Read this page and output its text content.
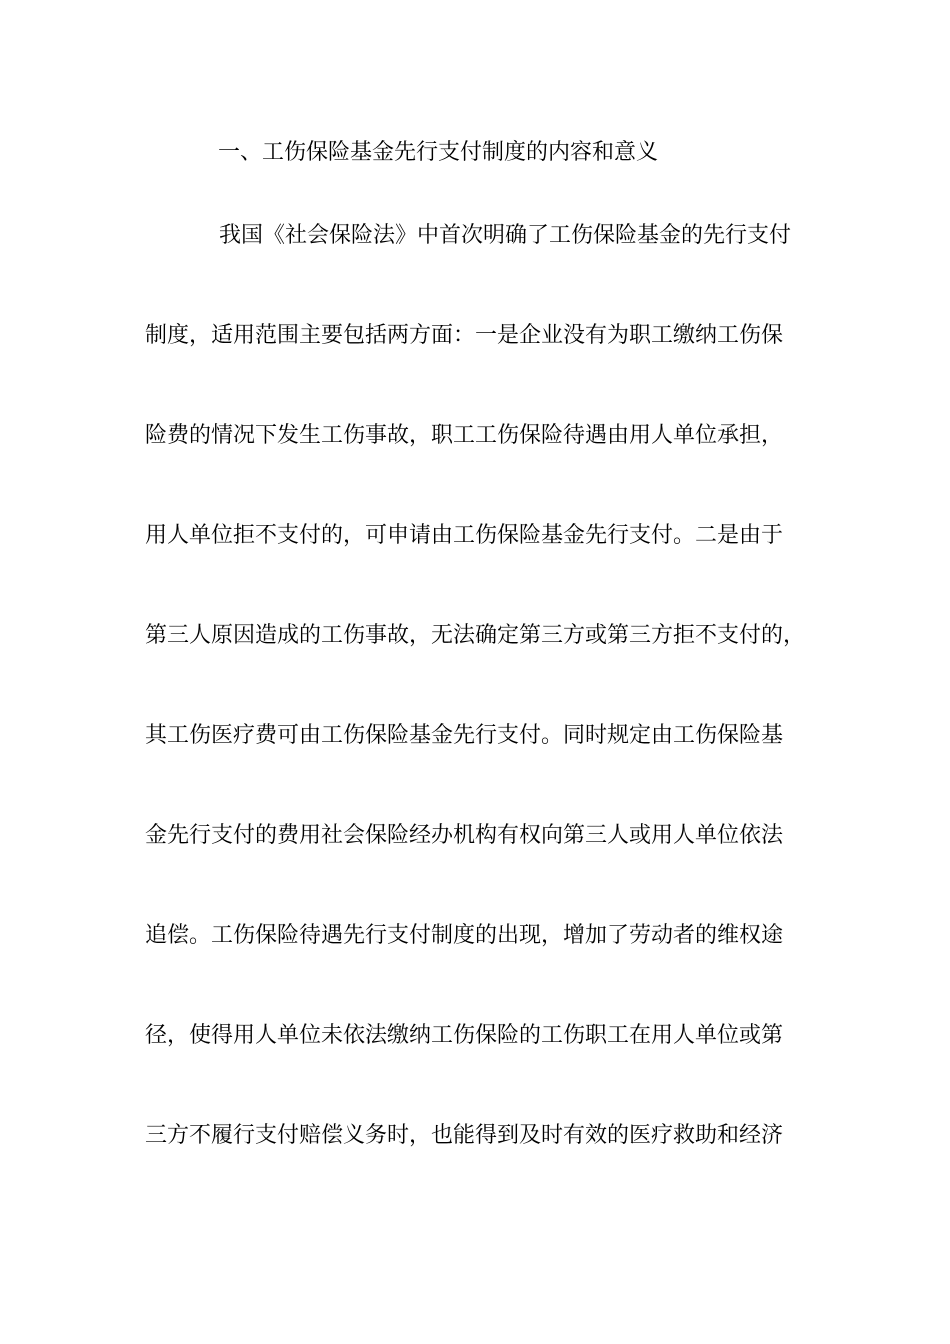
一、工伤保险基金先行支付制度的内容和意义
我国《社会保险法》中首次明确了工伤保险基金的先行支付
制度，适用范围主要包括两方面：一是企业没有为职工缴纳工伤保
险费的情况下发生工伤事故，职工工伤保险待遇由用人单位承担，
用人单位拒不支付的，可申请由工伤保险基金先行支付。二是由于
第三人原因造成的工伤事故，无法确定第三方或第三方拒不支付的，
其工伤医疗费可由工伤保险基金先行支付。同时规定由工伤保险基
金先行支付的费用社会保险经办机构有权向第三人或用人单位依法
追偿。工伤保险待遇先行支付制度的出现，增加了劳动者的维权途
径，使得用人单位未依法缴纳工伤保险的工伤职工在用人单位或第
三方不履行支付赔偿义务时，也能得到及时有效的医疗救助和经济
